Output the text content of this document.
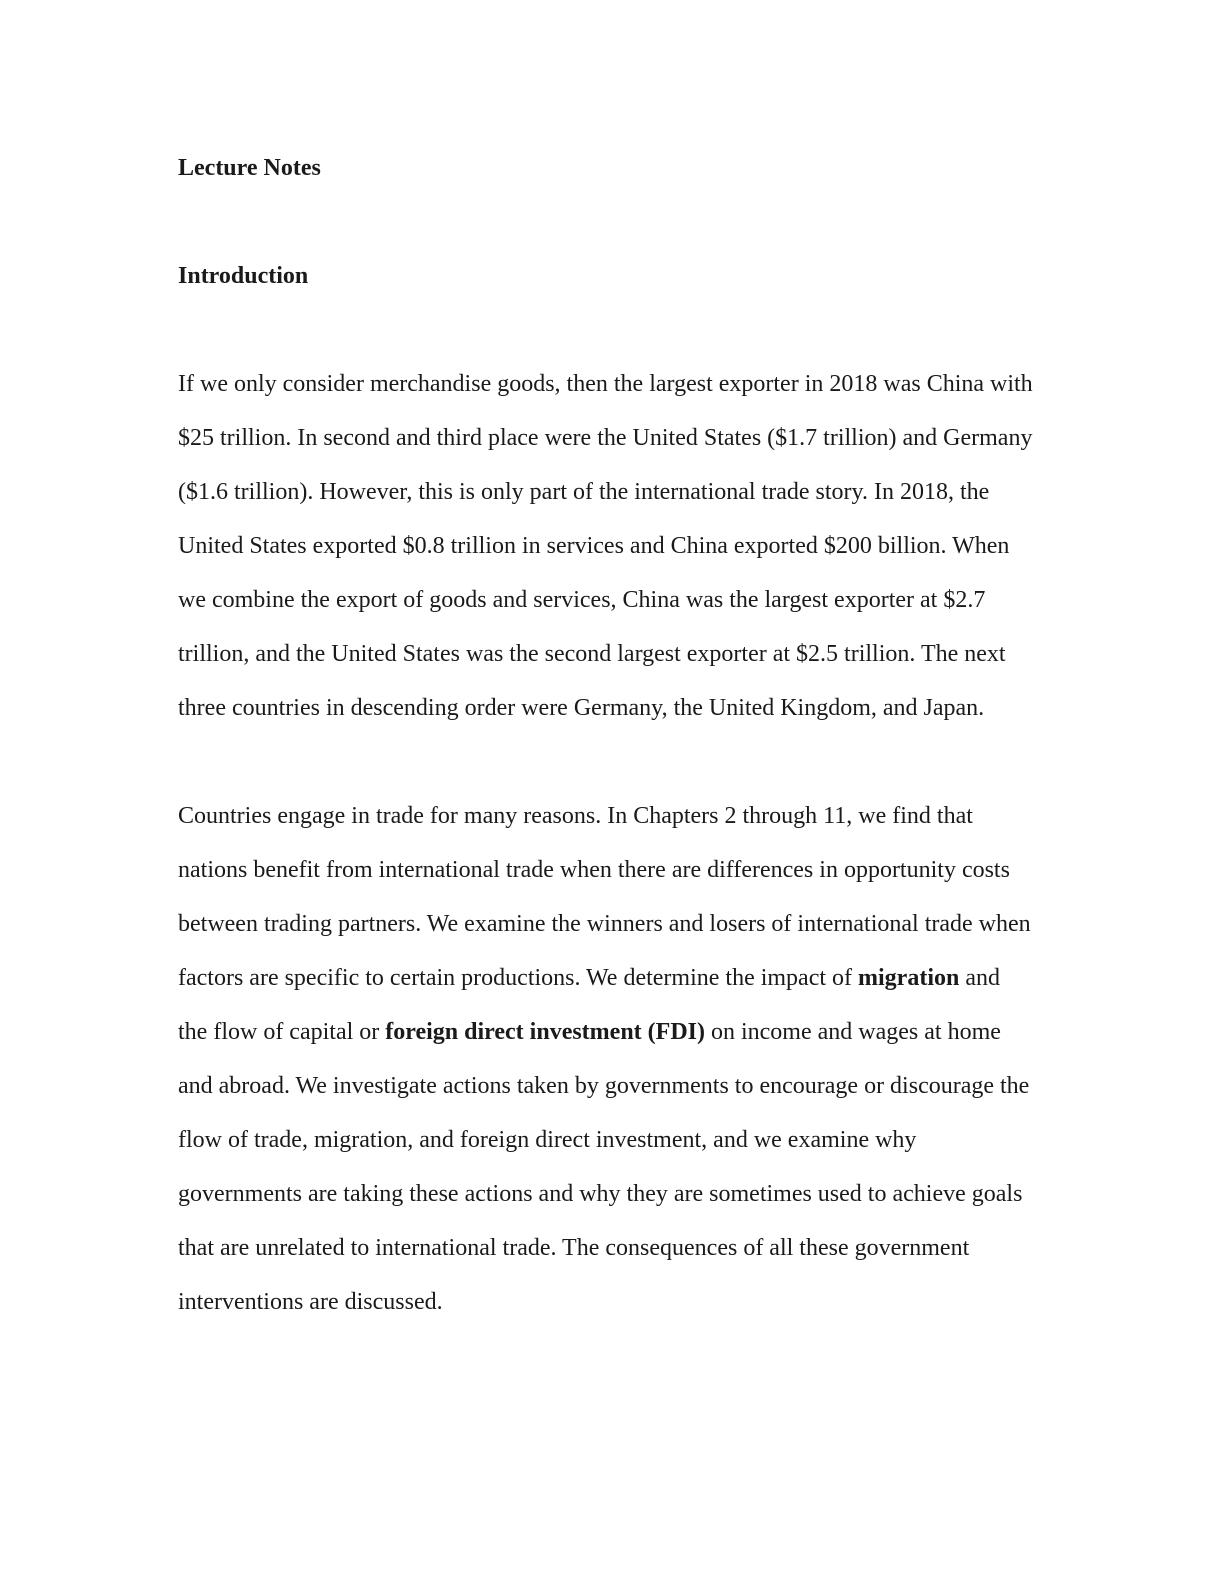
Lecture Notes
Introduction

If we only consider merchandise goods, then the largest exporter in 2018 was China with $25 trillion. In second and third place were the United States ($1.7 trillion) and Germany ($1.6 trillion). However, this is only part of the international trade story. In 2018, the United States exported $0.8 trillion in services and China exported $200 billion. When we combine the export of goods and services, China was the largest exporter at $2.7 trillion, and the United States was the second largest exporter at $2.5 trillion. The next three countries in descending order were Germany, the United Kingdom, and Japan.

Countries engage in trade for many reasons. In Chapters 2 through 11, we find that nations benefit from international trade when there are differences in opportunity costs between trading partners. We examine the winners and losers of international trade when factors are specific to certain productions. We determine the impact of migration and the flow of capital or foreign direct investment (FDI) on income and wages at home and abroad. We investigate actions taken by governments to encourage or discourage the flow of trade, migration, and foreign direct investment, and we examine why governments are taking these actions and why they are sometimes used to achieve goals that are unrelated to international trade. The consequences of all these government interventions are discussed.
